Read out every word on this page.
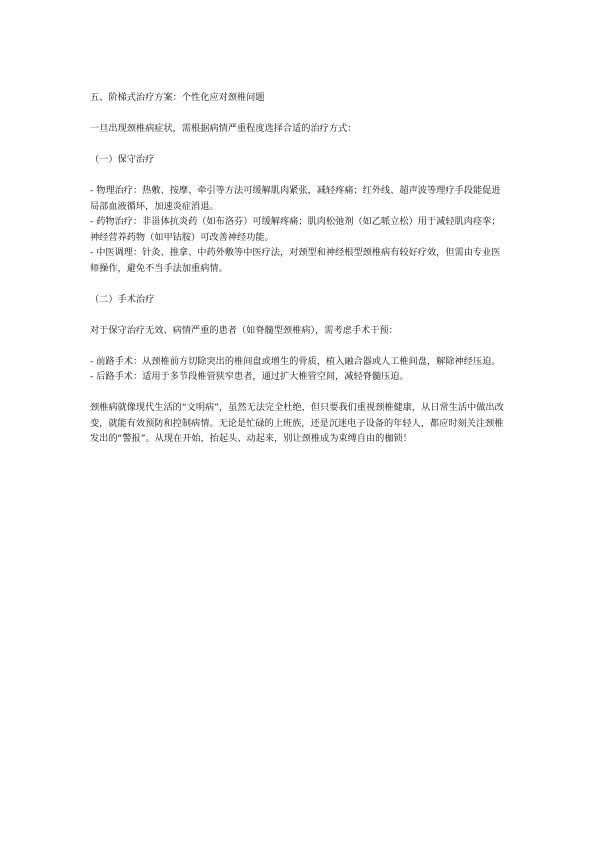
五、阶梯式治疗方案：个性化应对颈椎问题

一旦出现颈椎病症状，需根据病情严重程度选择合适的治疗方式：

（一）保守治疗

- 物理治疗：热敷、按摩、牵引等方法可缓解肌肉紧张，减轻疼痛；红外线、超声波等理疗手段能促进局部血液循环，加速炎症消退。

- 药物治疗：非甾体抗炎药（如布洛芬）可缓解疼痛；肌肉松弛剂（如乙哌立松）用于减轻肌肉痉挛；神经营养药物（如甲钴胺）可改善神经功能。

- 中医调理：针灸、推拿、中药外敷等中医疗法，对颈型和神经根型颈椎病有较好疗效，但需由专业医师操作，避免不当手法加重病情。

（二）手术治疗

对于保守治疗无效、病情严重的患者（如脊髓型颈椎病），需考虑手术干预：

- 前路手术：从颈椎前方切除突出的椎间盘或增生的骨质，植入融合器或人工椎间盘，解除神经压迫。

- 后路手术：适用于多节段椎管狭窄患者，通过扩大椎管空间，减轻脊髓压迫。

颈椎病就像现代生活的“文明病”，虽然无法完全杜绝，但只要我们重视颈椎健康，从日常生活中做出改变，就能有效预防和控制病情。无论是忙碌的上班族，还是沉迷电子设备的年轻人，都应时刻关注颈椎发出的“警报”。从现在开始，抬起头、动起来，别让颈椎成为束缚自由的枷锁！
